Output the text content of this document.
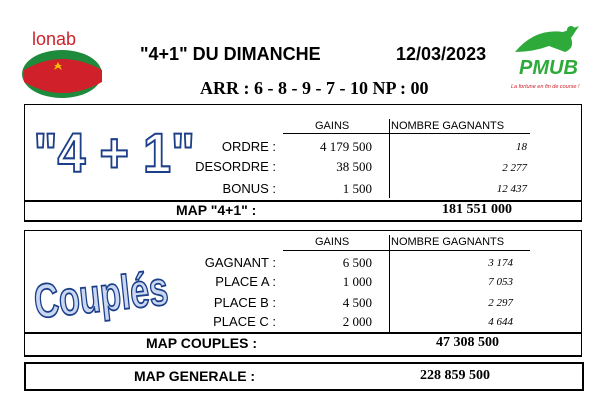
lonab
"4+1" DU DIMANCHE	12/03/2023
ARR : 6 - 8 - 9 - 7 - 10 NP : 00
PMUB
La fortune en fin de course !
"4 + 1"	GAINS	NOMBRE GAGNANTS
ORDRE :	4 179 500	18
DESORDRE :	38 500	2 277
BONUS :	1 500	12 437
MAP "4+1" :	181 551 000
Couplés
GAINS	NOMBRE GAGNANTS
GAGNANT :	6 500	3 174
PLACE A :	1 000	7 053
PLACE B :	4 500	2 297
PLACE C :	2 000	4 644
MAP COUPLES :	47 308 500
MAP GENERALE :	228 859 500
